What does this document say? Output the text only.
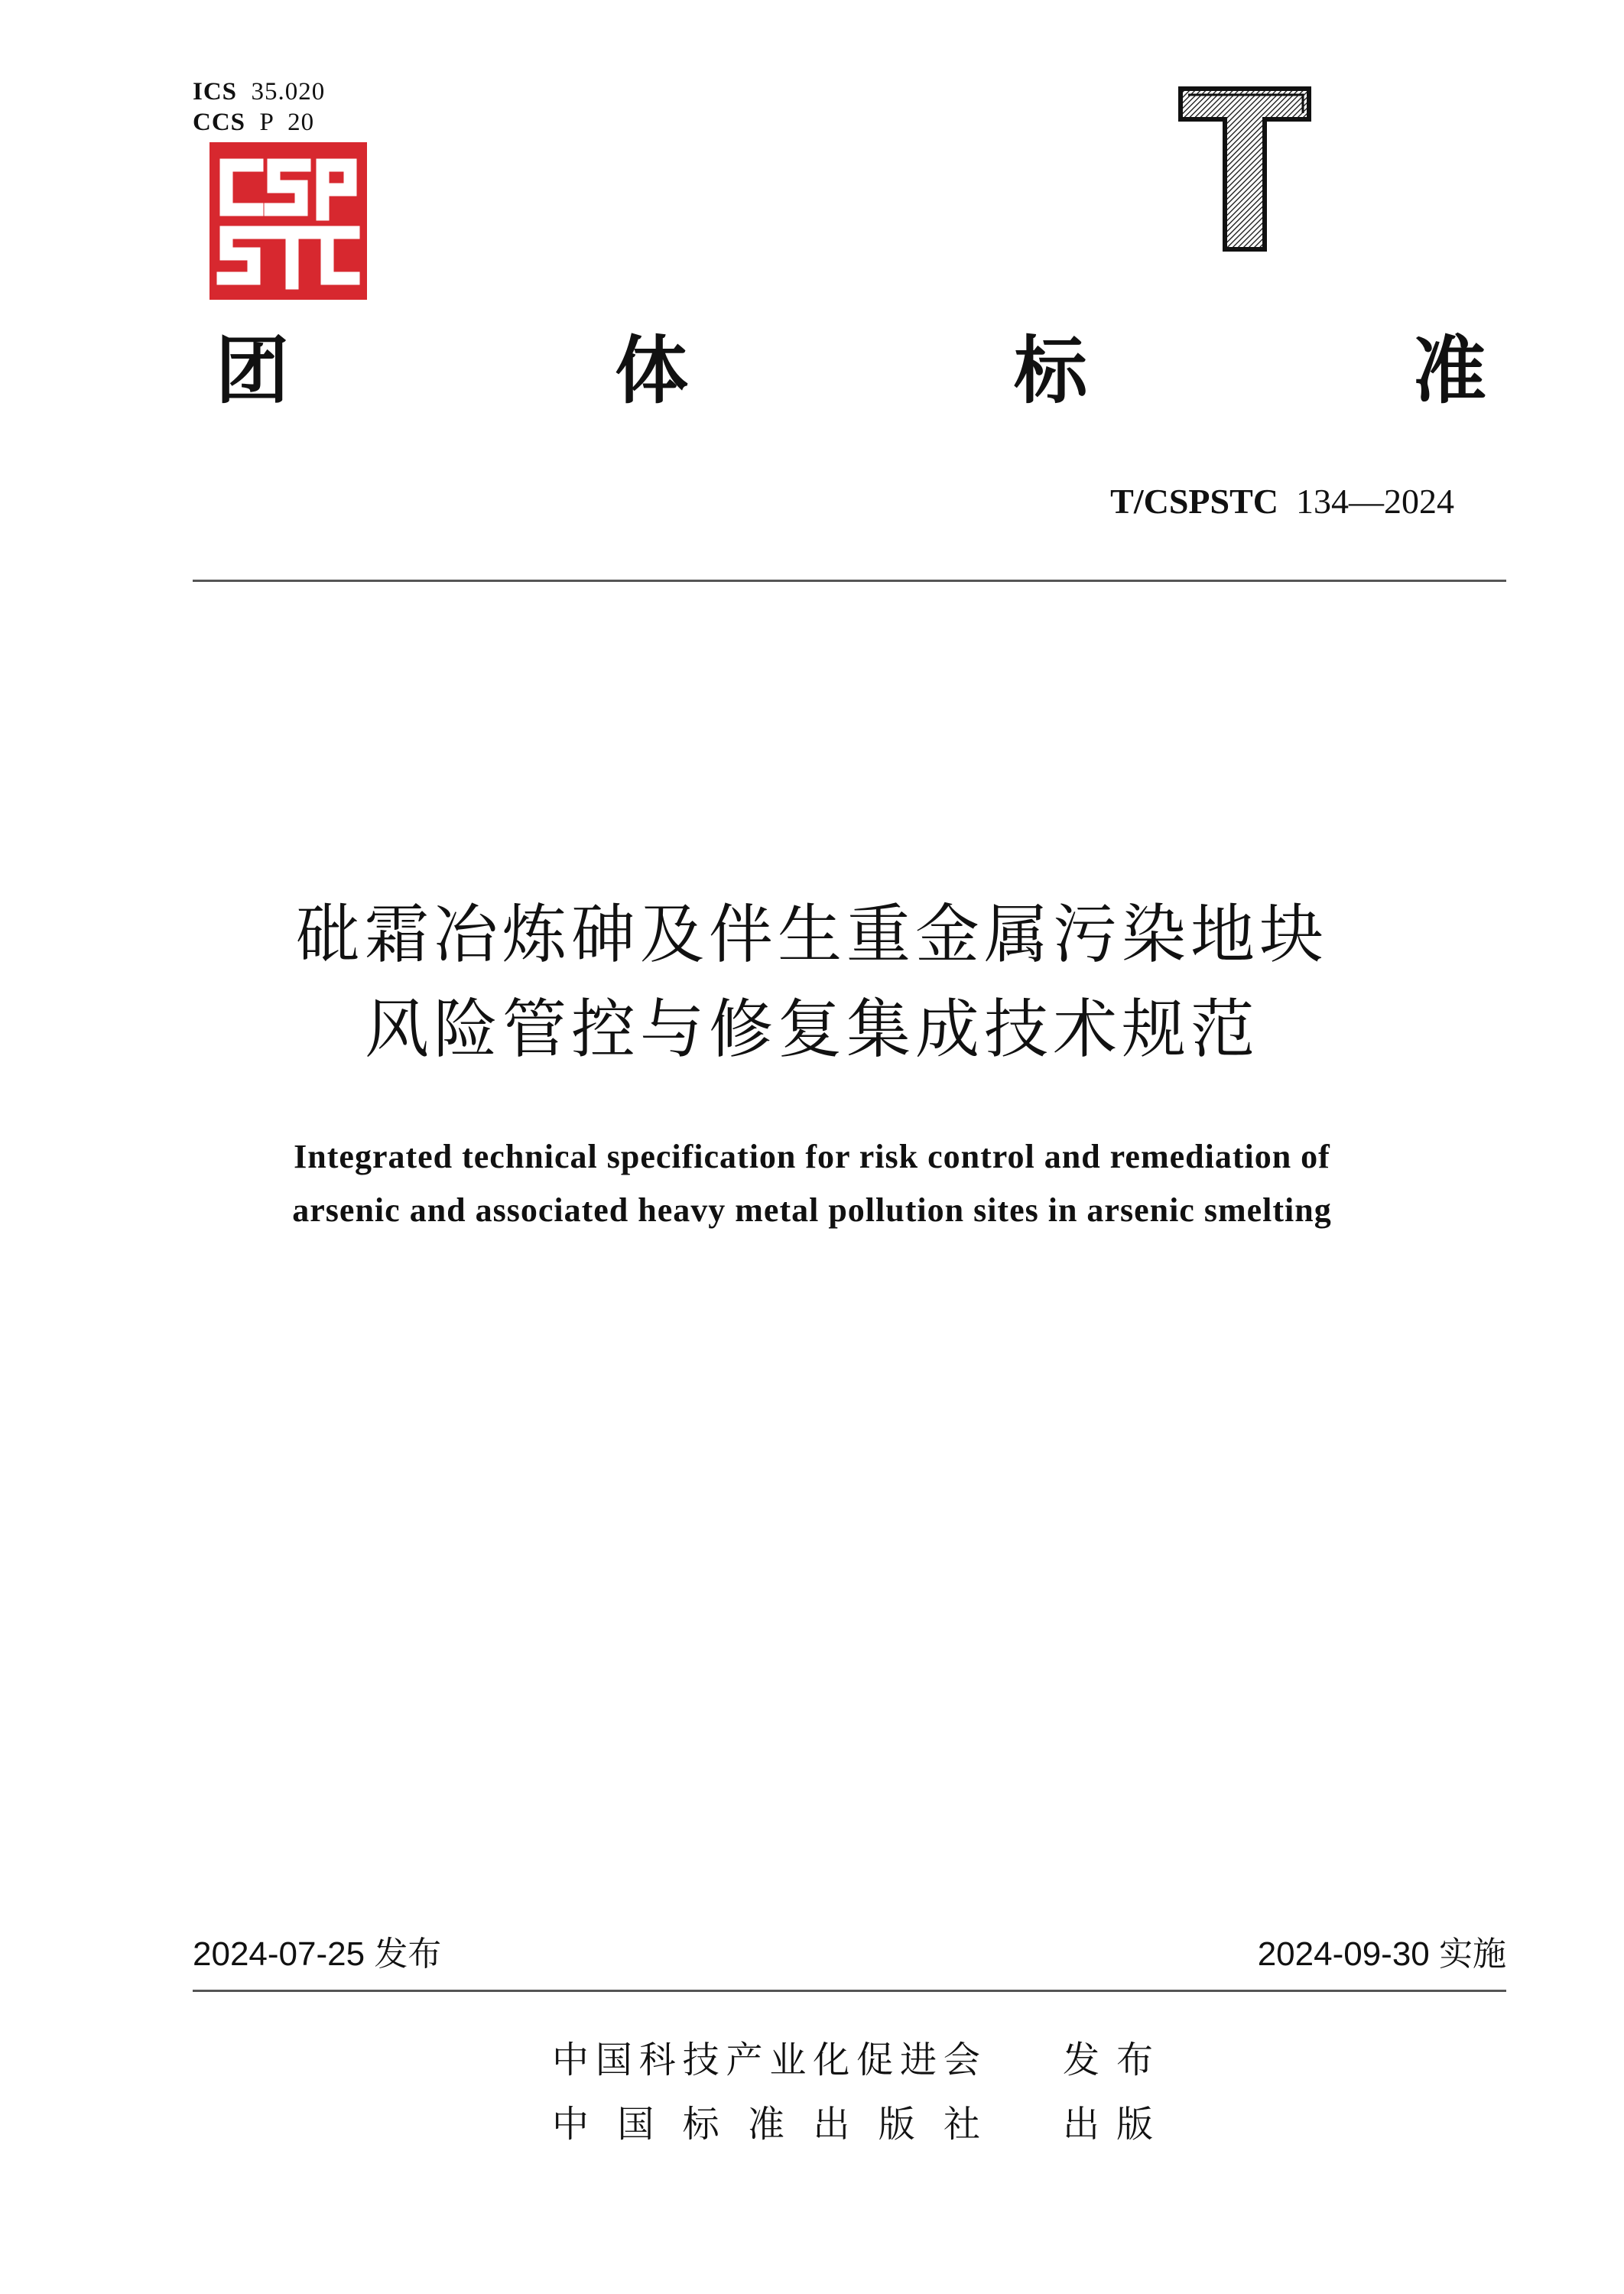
ICS 35.020
CCS P  20
团	体	标	准
T/CSPSTC 134—2024
砒霜冶炼砷及伴生重金属污染地块
风险管控与修复集成技术规范
Integrated technical specification for risk control and remediation of
arsenic and associated heavy metal pollution sites in arsenic smelting
2024-07-25 发布	2024-09-30 实施
中 国 科 技 产 业 化 促 进 会 发 布
中 国 标 准 出 版 社 出 版
